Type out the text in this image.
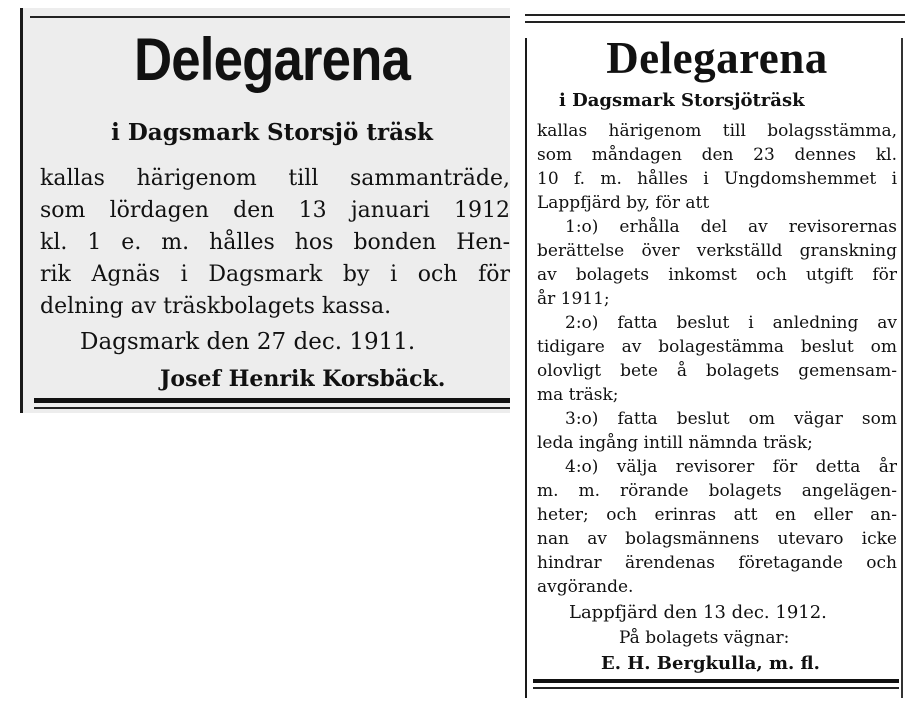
Delegarena

i Dagsmark Storsjö träsk

kallas härigenom till sammanträde,

som lördagen den 13 januari 1912

kl. 1 e. m. hålles hos bonden Hen-

rik Agnäs i Dagsmark by i och för

delning av träskbolagets kassa.

Dagsmark den 27 dec. 1911.

Josef Henrik Korsbäck.

Delegarena

i Dagsmark Storsjöträsk

kallas härigenom till bolagsstämma,

som måndagen den 23 dennes kl.

10 f. m. hålles i Ungdomshemmet i

Lappfjärd by, för att

1:o) erhålla del av revisorernas

berättelse över verkställd granskning

av bolagets inkomst och utgift för

år 1911;

2:o) fatta beslut i anledning av

tidigare av bolagestämma beslut om

olovligt bete å bolagets gemensam-

ma träsk;

3:o) fatta beslut om vägar som

leda ingång intill nämnda träsk;

4:o) välja revisorer för detta år

m. m. rörande bolagets angelägen-

heter; och erinras att en eller an-

nan av bolagsmännens utevaro icke

hindrar ärendenas företagande och

avgörande.

Lappfjärd den 13 dec. 1912.

På bolagets vägnar:

E. H. Bergkulla, m. fl.
